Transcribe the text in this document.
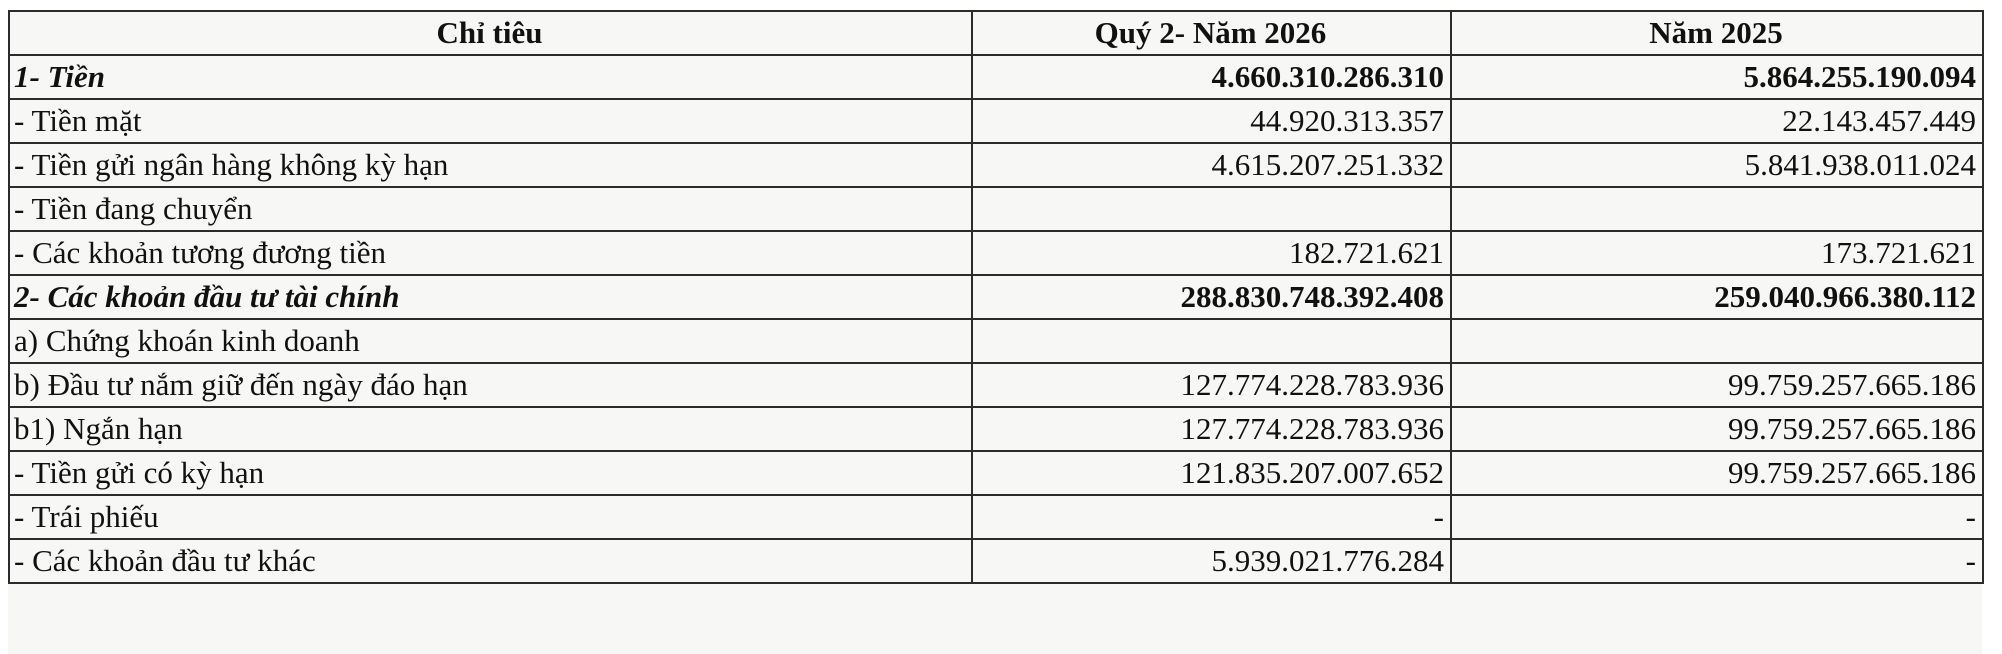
Chỉ tiêu	Quý 2- Năm 2026	Năm 2025
1- Tiền	4.660.310.286.310	5.864.255.190.094
- Tiền mặt	44.920.313.357	22.143.457.449
- Tiền gửi ngân hàng không kỳ hạn	4.615.207.251.332	5.841.938.011.024
- Tiền đang chuyển		
- Các khoản tương đương tiền	182.721.621	173.721.621
2- Các khoản đầu tư tài chính	288.830.748.392.408	259.040.966.380.112
a) Chứng khoán kinh doanh		
b) Đầu tư nắm giữ đến ngày đáo hạn	127.774.228.783.936	99.759.257.665.186
b1) Ngắn hạn	127.774.228.783.936	99.759.257.665.186
- Tiền gửi có kỳ hạn	121.835.207.007.652	99.759.257.665.186
- Trái phiếu	-	-
- Các khoản đầu tư khác	5.939.021.776.284	-
